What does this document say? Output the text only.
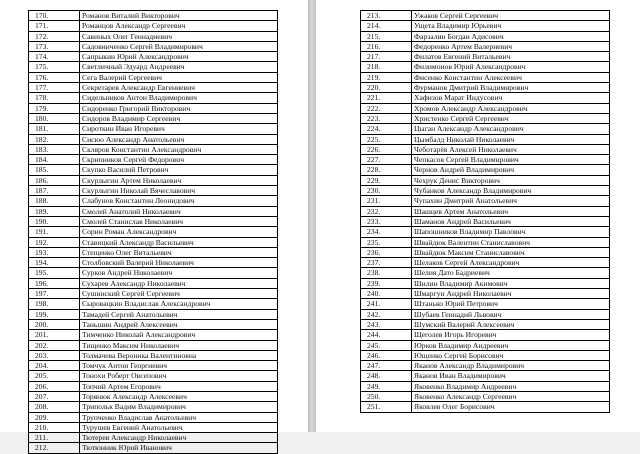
170.	Романов Виталий Викторович
171.	Романцов Александр Сергеевич
172.	Савиных Олег Геннадиевич
173.	Садовниченко Сергей Владимирович
174.	Сапрыкин Юрий Александрович
175.	Светличный Эдуард Андреевич
176.	Сега Валерий Сергеевич
177.	Секретарев Александр Евгениевич
178.	Сидельников Антон Владимирович
179.	Сидоренко Григорий Викторович
180.	Сидоров Владимир Сергеевич
181.	Сироткин Иван Игоревич
182.	Сисюо Александр Анатольевич
183.	Скляров Константин Александрович
184.	Скрипников Сергей Федорович
185.	Скупко Василий Петрович
186.	Скурлыгин Артем Николаевич
187.	Скурлыгин Николай Вячеславович
188.	Слабунов Константин Леонидович
189.	Смолей Анатолий Николаевич
190.	Смолей Станислав Николаевич
191.	Сорин Роман Александрович
192.	Ставицкий Александр Васильевич
193.	Стещенко Олег Витальевич
194.	Столбовский Валерий Николаевич
195.	Сурков Андрей Николаевич
196.	Сухарев Александр Николаевич
197.	Сушинский Сергей Сергеевич
198.	Сыровацкин Владислав Александрович
199.	Тамадей Сергей Анатольевич
200.	Таньшин Андрей Алексеевич
201.	Тимченко Николай Александрович
202.	Тищенко Максим Николаевич
203.	Толмачева Вероника Валентиновна
204.	Томчук Антон Георгиевич
205.	Тонохи Роберт Овсепович
206.	Топчий Артем Егорович
207.	Торянюк Александр Алексеевич
208.	Трипольк Вадим Владимирович
209.	Трупченко Владислав Анатольевич
210.	Турушев Евгений Анатольевич
211.	Тютерев Александр Николаевич
212.	Тютюнник Юрий Иванович
213.	Ужаков Сергей Сергеевич
214.	Ущета Владимир Юрьевич
215.	Фарзалин Богдан Адисович
216.	Федоренко Артем Валериевич
217.	Филатов Евгений Витальевич
218.	Филимонов Юрий Александрович
219.	Фисенко Константин Алексеевич
220.	Фурманов Дмитрий Владимирович
221.	Хафизов Марат Индусович
222.	Хромов Александр Александрович
223.	Христенко Сергей Сергеевич
224.	Цыган Александр Александрович
225.	Цымбалд Николай Николаевич
226.	Чеботарёв Алексей Николаевич
227.	Чепкасов Сергей Владимирович
228.	Чернов Андрей Владимирович
229.	Чехрук Денис Викторович
230.	Чубанков Александр Владимирович
231.	Чупахин Дмитрий Анатольевич
232.	Шашцев Артем Анатольевич
233.	Шаманов Андрей Васильевич
234.	Шапошников Владимир Павлович
235.	Швайдюк Валентин Станиславович
236.	Швайдюк Максим Станиславович
237.	Шелаков Сергей Александрович
238.	Шелия Дато Бадриевич
239.	Шилин Владимир Акимович
240.	Шмаргун Андрей Николаевич
241.	Штанько Юрий Петрович
242.	Шубаев Геннадий Львович
243.	Шумский Валерий Алексеевич
244.	Щеголев Игорь Игоревич
245.	Юрков Владимир Андреевич
246.	Ющенко Сергей Борисович
247.	Яканов Александр Владимирович
248.	Яканов Иван Владимирович
249.	Яковенко Владимир Андреевич
250.	Яковенко Александр Сергеевич
251.	Яковлев Олег Борисович
